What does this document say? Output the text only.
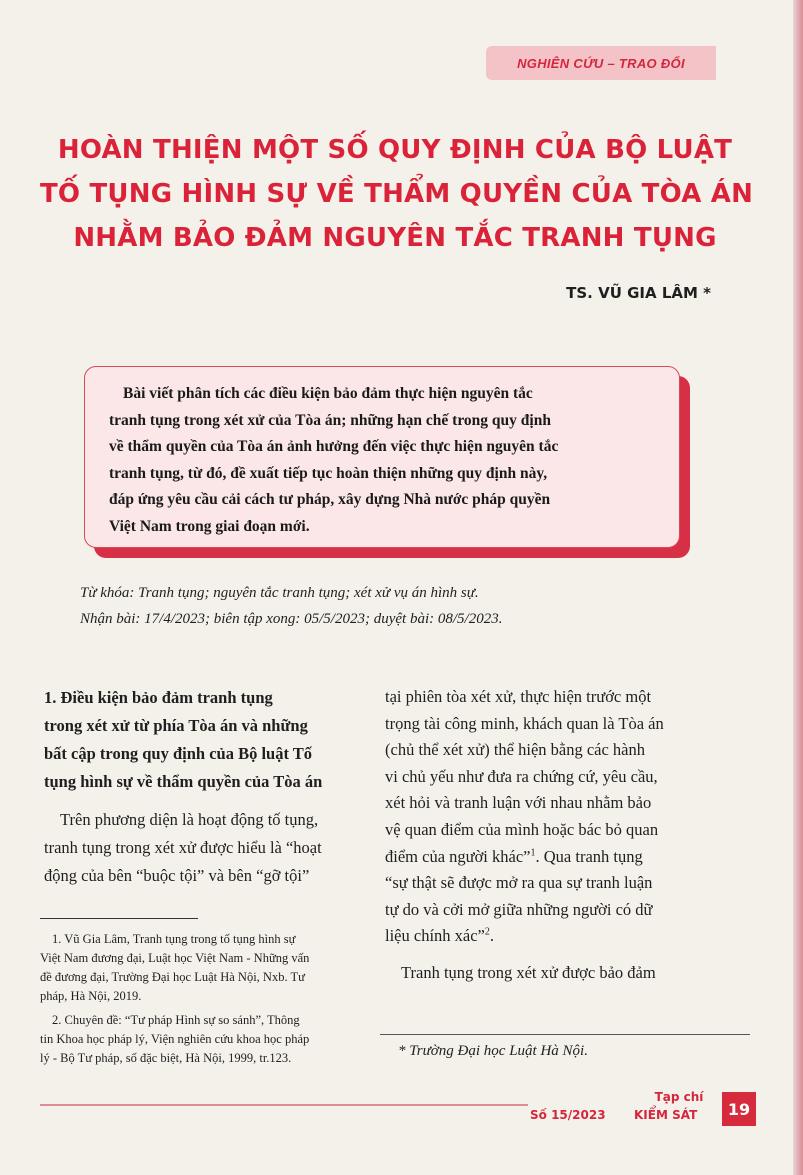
NGHIÊN CỨU – TRAO ĐỔI
HOÀN THIỆN MỘT SỐ QUY ĐỊNH CỦA BỘ LUẬT
TỐ TỤNG HÌNH SỰ VỀ THẨM QUYỀN CỦA TÒA ÁN
NHẰM BẢO ĐẢM NGUYÊN TẮC TRANH TỤNG
TS. VŨ GIA LÂM *
Bài viết phân tích các điều kiện bảo đảm thực hiện nguyên tắc
tranh tụng trong xét xử của Tòa án; những hạn chế trong quy định
về thẩm quyền của Tòa án ảnh hưởng đến việc thực hiện nguyên tắc
tranh tụng, từ đó, đề xuất tiếp tục hoàn thiện những quy định này,
đáp ứng yêu cầu cải cách tư pháp, xây dựng Nhà nước pháp quyền
Việt Nam trong giai đoạn mới.
Từ khóa: Tranh tụng; nguyên tắc tranh tụng; xét xử vụ án hình sự.
Nhận bài: 17/4/2023; biên tập xong: 05/5/2023; duyệt bài: 08/5/2023.
1. Điều kiện bảo đảm tranh tụng
trong xét xử từ phía Tòa án và những
bất cập trong quy định của Bộ luật Tố
tụng hình sự về thẩm quyền của Tòa án
Trên phương diện là hoạt động tố tụng,
tranh tụng trong xét xử được hiểu là “hoạt
động của bên “buộc tội” và bên “gỡ tội”
1. Vũ Gia Lâm, Tranh tụng trong tố tụng hình sự
Việt Nam đương đại, Luật học Việt Nam - Những vấn
đề đương đại, Trường Đại học Luật Hà Nội, Nxb. Tư
pháp, Hà Nội, 2019.
2. Chuyên đề: “Tư pháp Hình sự so sánh”, Thông
tin Khoa học pháp lý, Viện nghiên cứu khoa học pháp
lý - Bộ Tư pháp, số đặc biệt, Hà Nội, 1999, tr.123.
tại phiên tòa xét xử, thực hiện trước một
trọng tài công minh, khách quan là Tòa án
(chủ thể xét xử) thể hiện bằng các hành
vi chủ yếu như đưa ra chứng cứ, yêu cầu,
xét hỏi và tranh luận với nhau nhằm bảo
vệ quan điểm của mình hoặc bác bỏ quan
điểm của người khác”$^1$. Qua tranh tụng
“sự thật sẽ được mở ra qua sự tranh luận
tự do và cởi mở giữa những người có dữ
liệu chính xác”$^2$.
Tranh tụng trong xét xử được bảo đảm
* Trường Đại học Luật Hà Nội.
Tạp chí
Số 15/2023 KIỂM SÁT	19
